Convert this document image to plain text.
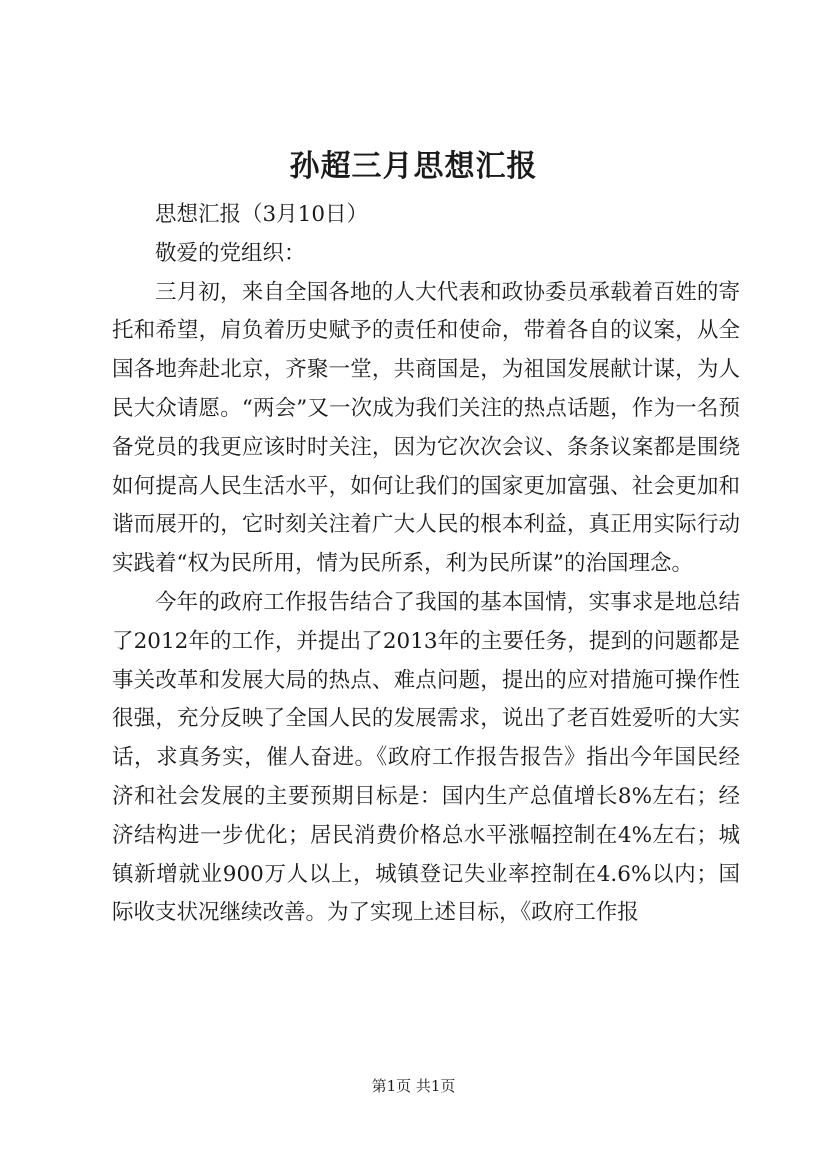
孙超三月思想汇报

思想汇报（3月10日）

敬爱的党组织：

三月初，来自全国各地的人大代表和政协委员承载着百姓的寄托和希望，肩负着历史赋予的责任和使命，带着各自的议案，从全国各地奔赴北京，齐聚一堂，共商国是，为祖国发展献计谋，为人民大众请愿。“两会”又一次成为我们关注的热点话题，作为一名预备党员的我更应该时时关注，因为它次次会议、条条议案都是围绕如何提高人民生活水平，如何让我们的国家更加富强、社会更加和谐而展开的，它时刻关注着广大人民的根本利益，真正用实际行动实践着“权为民所用，情为民所系，利为民所谋”的治国理念。

今年的政府工作报告结合了我国的基本国情，实事求是地总结了2012年的工作，并提出了2013年的主要任务，提到的问题都是事关改革和发展大局的热点、难点问题，提出的应对措施可操作性很强，充分反映了全国人民的发展需求，说出了老百姓爱听的大实话，求真务实，催人奋进。《政府工作报告报告》指出今年国民经济和社会发展的主要预期目标是：国内生产总值增长8%左右；经济结构进一步优化；居民消费价格总水平涨幅控制在4%左右；城镇新增就业900万人以上，城镇登记失业率控制在4.6%以内；国际收支状况继续改善。为了实现上述目标，《政府工作报

第1页 共1页
